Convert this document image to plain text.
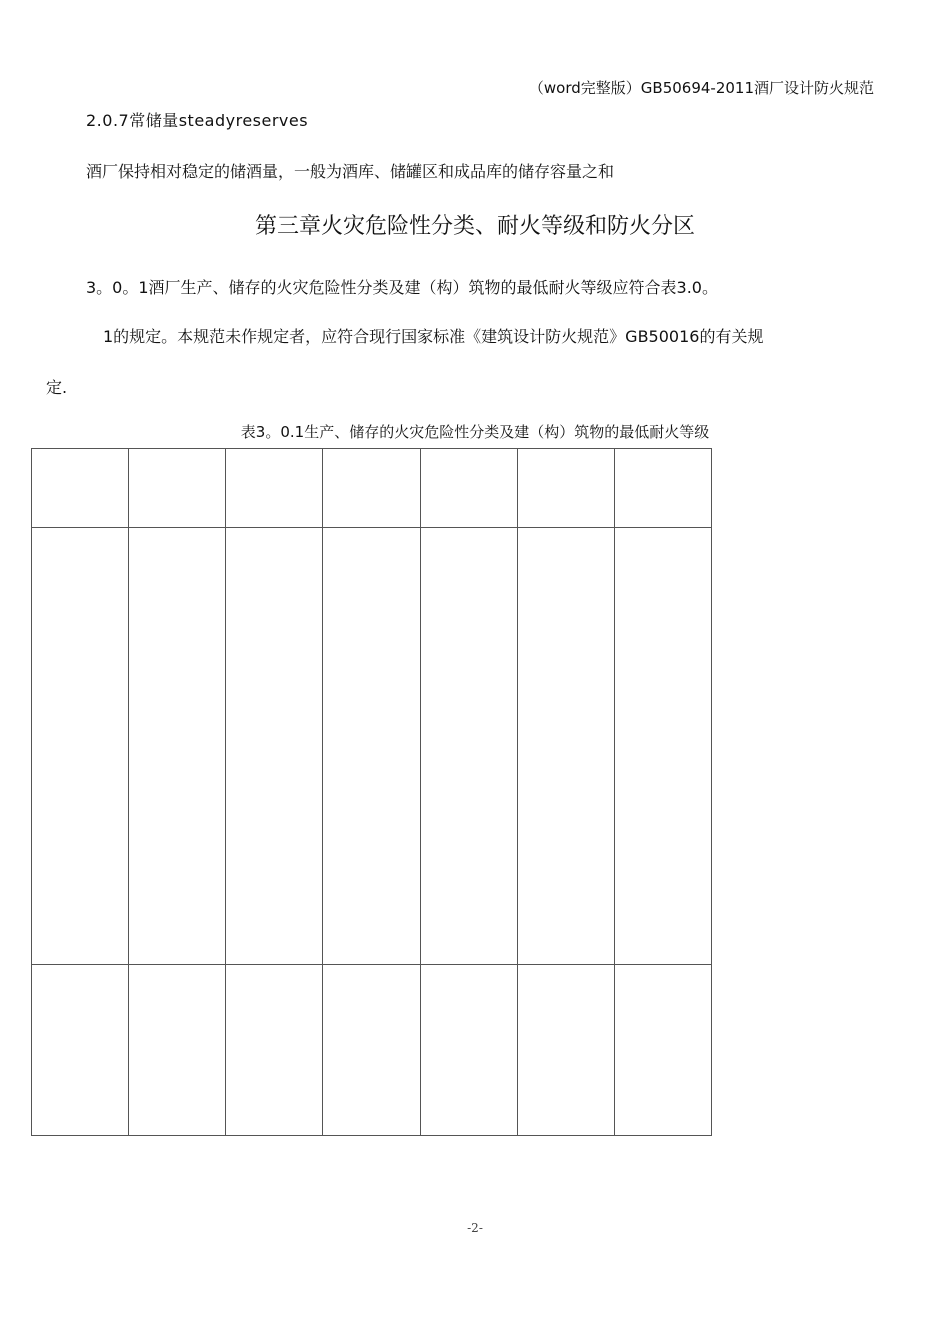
（word完整版）GB50694-2011酒厂设计防火规范
2.0.7常储量steadyreserves
酒厂保持相对稳定的储酒量，一般为酒库、储罐区和成品库的储存容量之和
第三章火灾危险性分类、耐火等级和防火分区
3。0。1酒厂生产、储存的火灾危险性分类及建（构）筑物的最低耐火等级应符合表3.0。
1的规定。本规范未作规定者，应符合现行国家标准《建筑设计防火规范》GB50016的有关规
定.
表3。0.1生产、储存的火灾危险性分类及建（构）筑物的最低耐火等级

-2-
